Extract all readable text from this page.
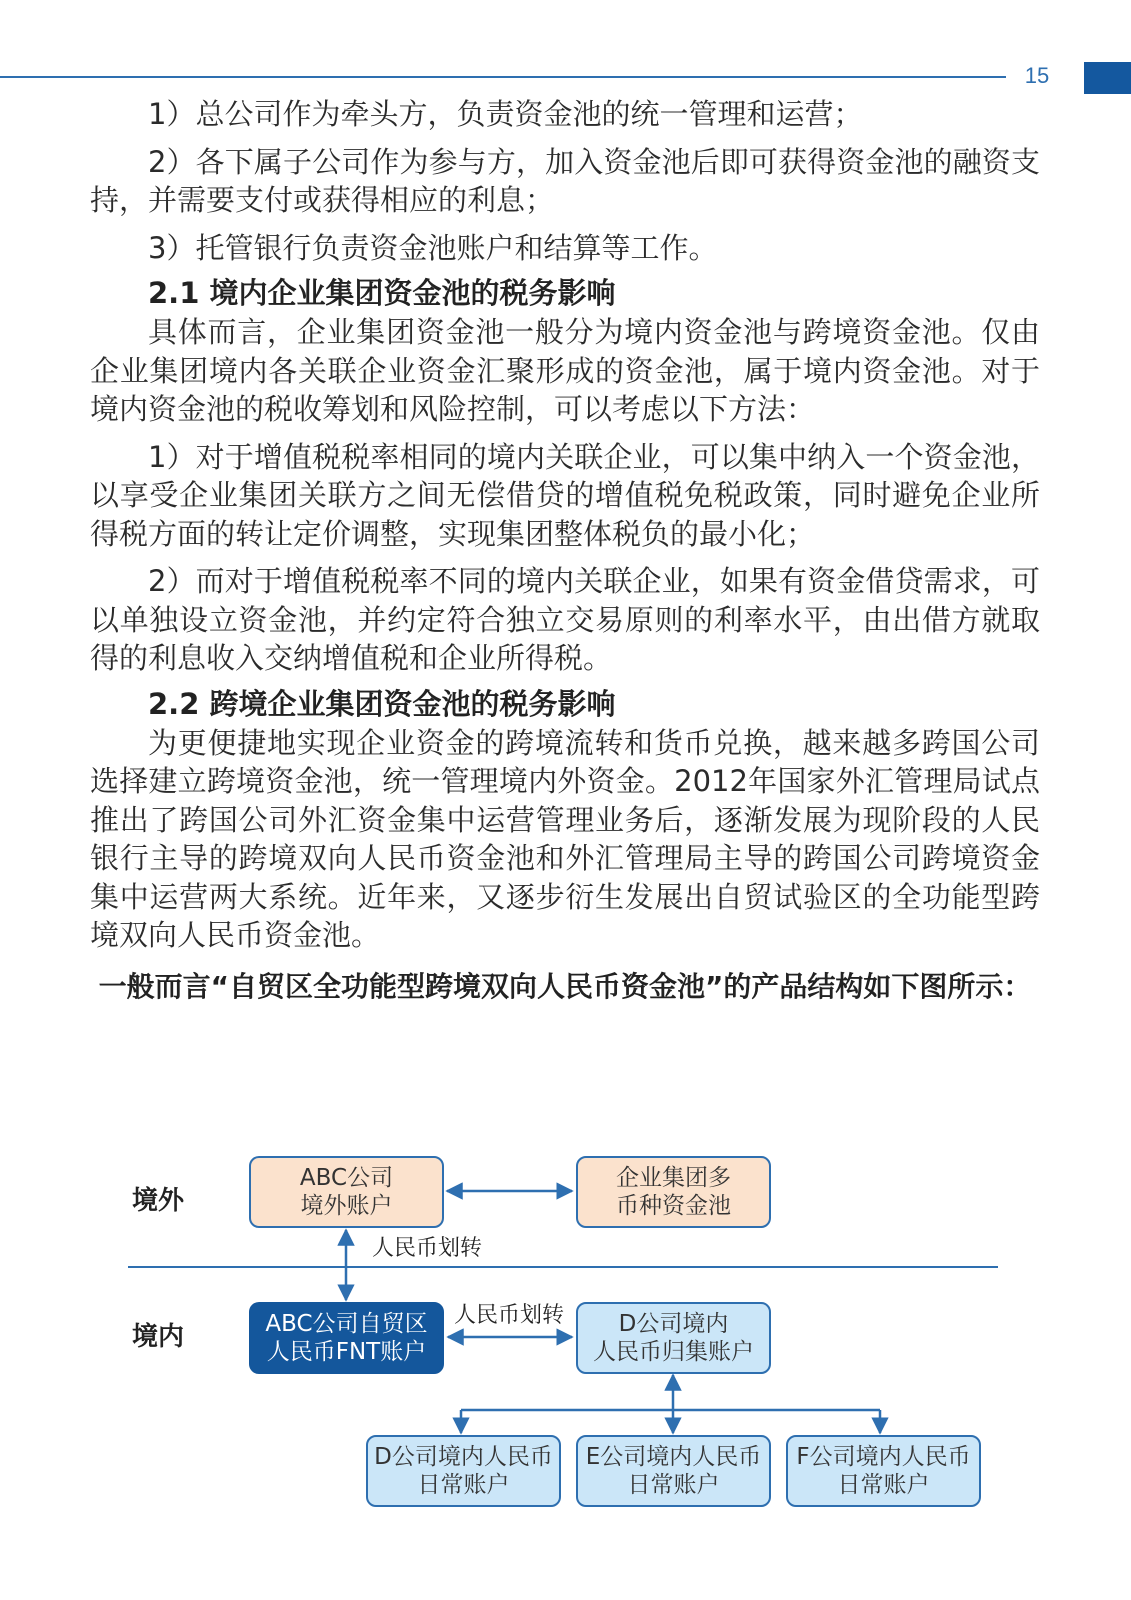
15

1）总公司作为牵头方，负责资金池的统一管理和运营；

2）各下属子公司作为参与方，加入资金池后即可获得资金池的融资支持，并需要支付或获得相应的利息；

3）托管银行负责资金池账户和结算等工作。

2.1 境内企业集团资金池的税务影响

具体而言，企业集团资金池一般分为境内资金池与跨境资金池。仅由企业集团境内各关联企业资金汇聚形成的资金池，属于境内资金池。对于境内资金池的税收筹划和风险控制，可以考虑以下方法：

1）对于增值税税率相同的境内关联企业，可以集中纳入一个资金池，以享受企业集团关联方之间无偿借贷的增值税免税政策，同时避免企业所得税方面的转让定价调整，实现集团整体税负的最小化；

2）而对于增值税税率不同的境内关联企业，如果有资金借贷需求，可以单独设立资金池，并约定符合独立交易原则的利率水平，由出借方就取得的利息收入交纳增值税和企业所得税。

2.2 跨境企业集团资金池的税务影响

为更便捷地实现企业资金的跨境流转和货币兑换，越来越多跨国公司选择建立跨境资金池，统一管理境内外资金。2012年国家外汇管理局试点推出了跨国公司外汇资金集中运营管理业务后，逐渐发展为现阶段的人民银行主导的跨境双向人民币资金池和外汇管理局主导的跨国公司跨境资金集中运营两大系统。近年来，又逐步衍生发展出自贸试验区的全功能型跨境双向人民币资金池。

一般而言“自贸区全功能型跨境双向人民币资金池”的产品结构如下图所示：

境外
境内
ABC公司
境外账户
企业集团多
币种资金池
人民币划转
ABC公司自贸区
人民币FNT账户
人民币划转 D公司境内
人民币归集账户
D公司境内人民币
日常账户
E公司境内人民币
日常账户
F公司境内人民币
日常账户
